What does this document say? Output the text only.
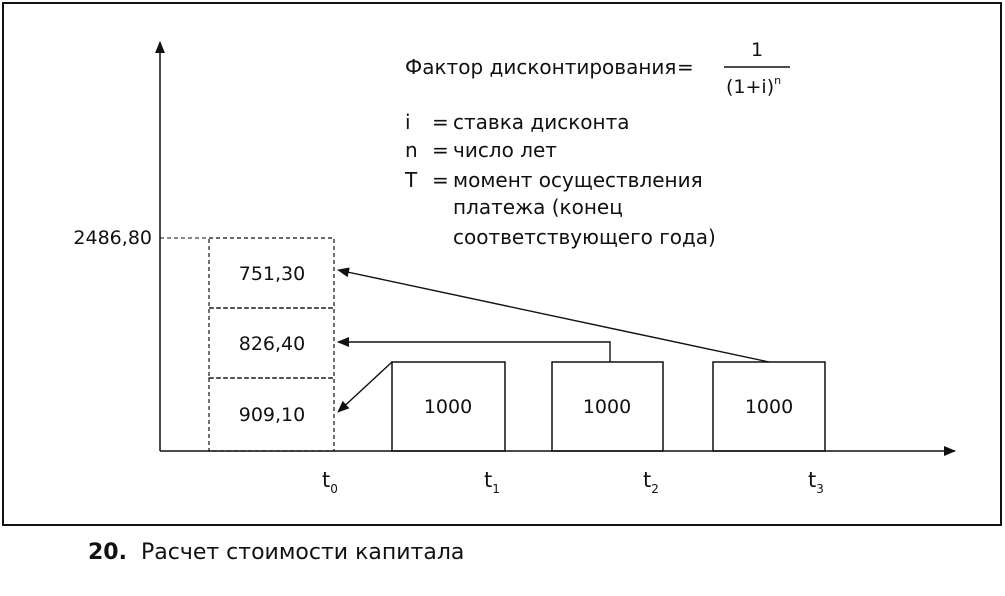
2486,80
751,30
826,40
909,10	1000	1000	1000
$t_0$	$t_1$	$t_2$	$t_3$
Фактор дисконтирования =
1
$(1+i)^n$
i = ставка дисконта
n = число лет
T = момент осуществления
платежа (конец
соответствующего года)
20. Расчет стоимости капитала
